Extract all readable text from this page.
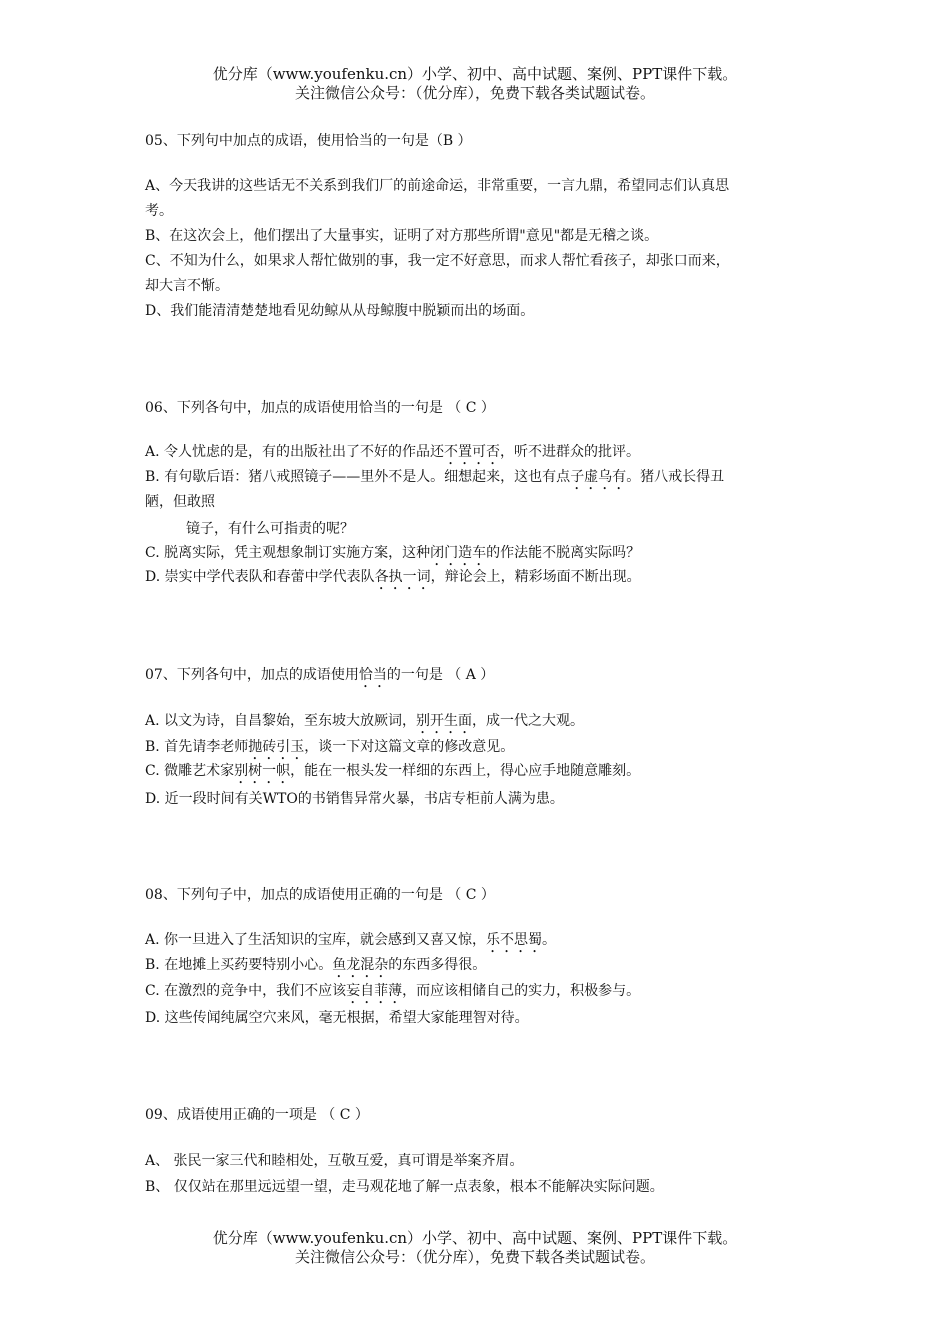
优分库（www.youfenku.cn）小学、初中、高中试题、案例、PPT课件下载。
关注微信公众号：（优分库），免费下载各类试题试卷。
05、下列句中加点的成语，使用恰当的一句是（B ）
A、今天我讲的这些话无不关系到我们厂的前途命运，非常重要，一言九鼎，希望同志们认真思
考。
B、在这次会上，他们摆出了大量事实，证明了对方那些所谓"意见"都是无稽之谈。
C、不知为什么，如果求人帮忙做别的事，我一定不好意思，而求人帮忙看孩子，却张口而来，
却大言不惭。
D、我们能清清楚楚地看见幼鲸从从母鲸腹中脱颖而出的场面。
06、下列各句中，加点的成语使用恰当的一句是 （ C ）
A. 令人忧虑的是，有的出版社出了不好的作品还不置可否，听不进群众的批评。
B. 有句歇后语：猪八戒照镜子——里外不是人。细想起来，这也有点子虚乌有。猪八戒长得丑
陋，但敢照
镜子，有什么可指责的呢？
C. 脱离实际，凭主观想象制订实施方案，这种闭门造车的作法能不脱离实际吗？
D. 崇实中学代表队和春蕾中学代表队各执一词，辩论会上，精彩场面不断出现。
07、下列各句中，加点的成语使用恰当的一句是 （ A ）
A. 以文为诗，自昌黎始，至东坡大放厥词，别开生面，成一代之大观。
B. 首先请李老师抛砖引玉，谈一下对这篇文章的修改意见。
C. 微雕艺术家别树一帜，能在一根头发一样细的东西上，得心应手地随意雕刻。
D. 近一段时间有关WTO的书销售异常火暴，书店专柜前人满为患。
08、下列句子中，加点的成语使用正确的一句是 （ C ）
A. 你一旦进入了生活知识的宝库，就会感到又喜又惊，乐不思蜀。
B. 在地摊上买药要特别小心。鱼龙混杂的东西多得很。
C. 在激烈的竞争中，我们不应该妄自菲薄，而应该相储自己的实力，积极参与。
D. 这些传闻纯属空穴来风，毫无根据，希望大家能理智对待。
09、成语使用正确的一项是 （ C ）
A、 张民一家三代和睦相处，互敬互爱，真可谓是举案齐眉。
B、 仅仅站在那里远远望一望，走马观花地了解一点表象，根本不能解决实际问题。
优分库（www.youfenku.cn）小学、初中、高中试题、案例、PPT课件下载。
关注微信公众号：（优分库），免费下载各类试题试卷。
